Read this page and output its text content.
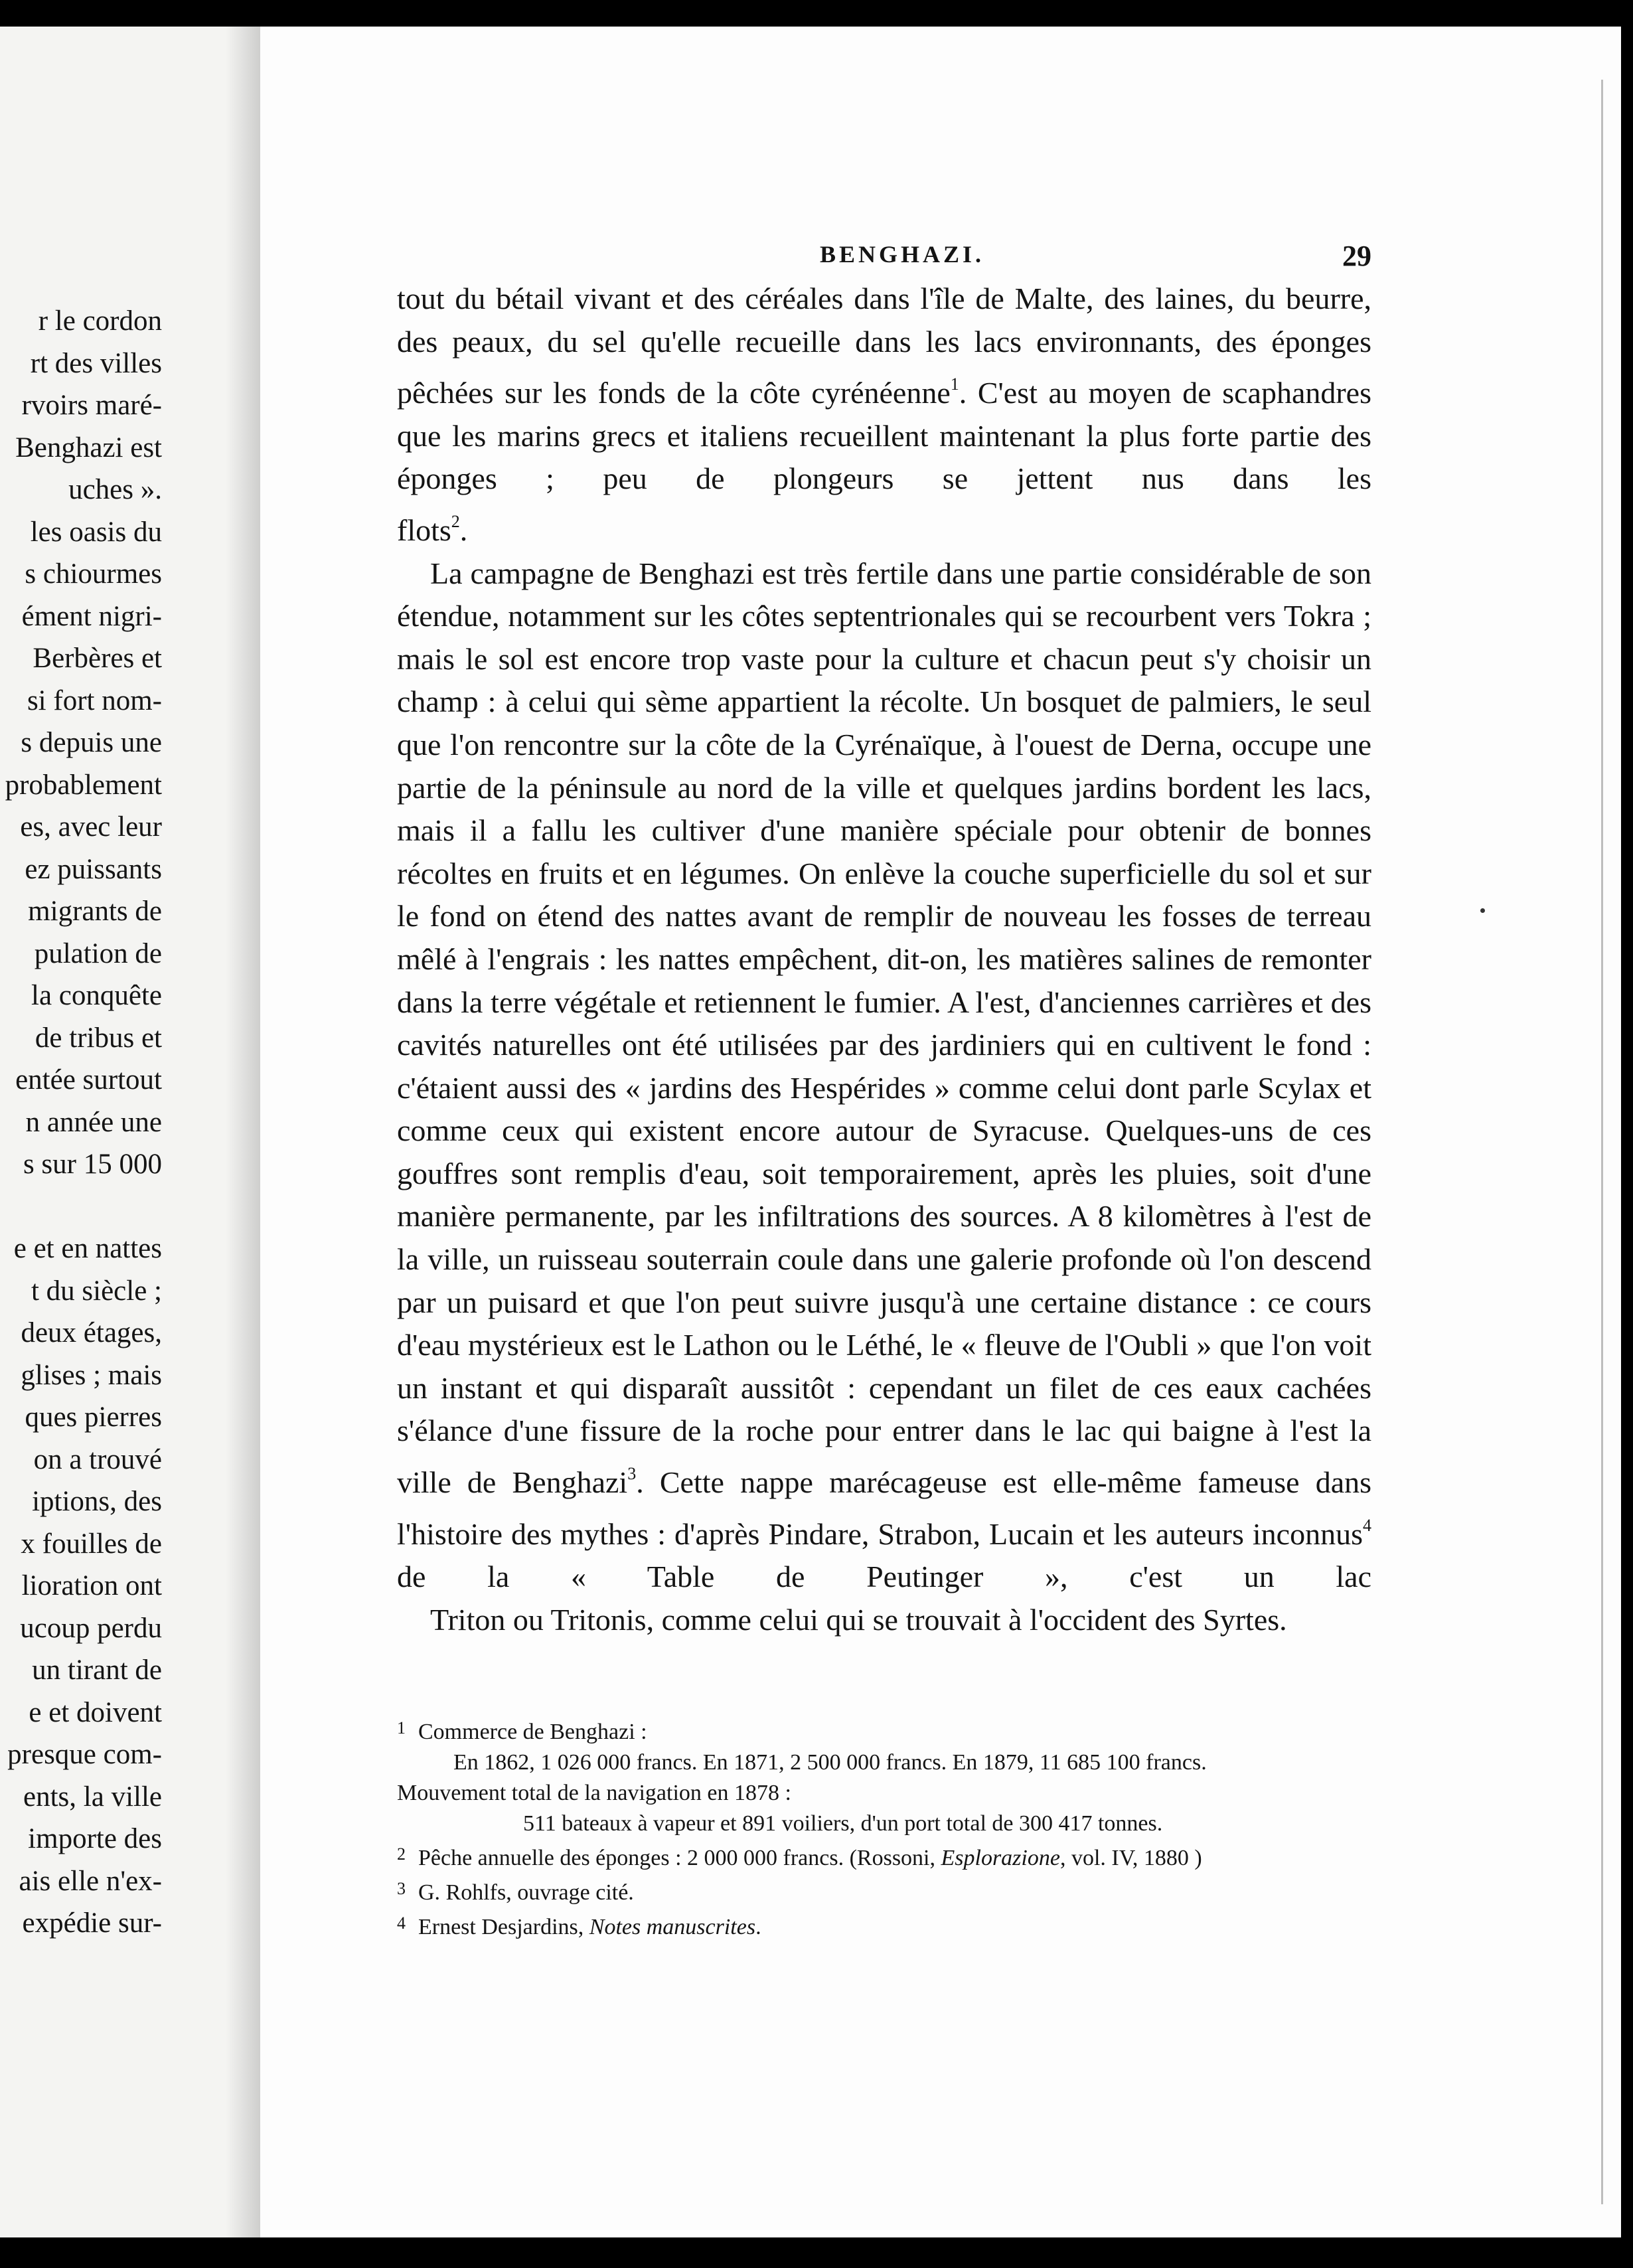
r le cordon
rt des villes
rvoirs maré-
Benghazi est
uches ».
les oasis du
s chiourmes
ément nigri-
Berbères et
si fort nom-
s depuis une
probablement
es, avec leur
ez puissants
migrants de
pulation de
la conquête
de tribus et
entée surtout
n année une
s sur 15 000
e et en nattes
t du siècle ;
deux étages,
glises ; mais
ques pierres
on a trouvé
iptions, des
x fouilles de
lioration ont
ucoup perdu
un tirant de
e et doivent
presque com-
ents, la ville
importe des
ais elle n'ex-
expédie sur-
BENGHAZI.	29

tout du bétail vivant et des céréales dans l'île de Malte, des laines, du beurre, des peaux, du sel qu'elle recueille dans les lacs environnants, des éponges pêchées sur les fonds de la côte cyrénéenne$^1$. C'est au moyen de scaphandres que les marins grecs et italiens recueillent maintenant la plus forte partie des éponges ; peu de plongeurs se jettent nus dans les
flots$^2$.

La campagne de Benghazi est très fertile dans une partie considérable de son étendue, notamment sur les côtes septentrionales qui se recourbent vers Tokra ; mais le sol est encore trop vaste pour la culture et chacun peut s'y choisir un champ : à celui qui sème appartient la récolte. Un bosquet de palmiers, le seul que l'on rencontre sur la côte de la Cyrénaïque, à l'ouest de Derna, occupe une partie de la péninsule au nord de la ville et quelques jardins bordent les lacs, mais il a fallu les cultiver d'une manière spéciale pour obtenir de bonnes récoltes en fruits et en légumes. On enlève la couche superficielle du sol et sur le fond on étend des nattes avant de remplir de nouveau les fosses de terreau mêlé à l'engrais : les nattes empêchent, dit-on, les matières salines de remonter dans la terre végétale et retiennent le fumier. A l'est, d'anciennes carrières et des cavités naturelles ont été utilisées par des jardiniers qui en cultivent le fond : c'étaient aussi des « jardins des Hespérides » comme celui dont parle Scylax et comme ceux qui existent encore autour de Syracuse. Quelques-uns de ces gouffres sont remplis d'eau, soit temporairement, après les pluies, soit d'une manière permanente, par les infiltrations des sources. A 8 kilomètres à l'est de la ville, un ruisseau souterrain coule dans une galerie profonde où l'on descend par un puisard et que l'on peut suivre jusqu'à une certaine distance : ce cours d'eau mystérieux est le Lathon ou le Léthé, le « fleuve de l'Oubli » que l'on voit un instant et qui disparaît aussitôt : cependant un filet de ces eaux cachées s'élance d'une fissure de la roche pour entrer dans le lac qui baigne à l'est la ville de Benghazi$^3$. Cette nappe marécageuse est elle-même fameuse dans l'histoire des mythes : d'après Pindare, Strabon, Lucain et les auteurs inconnus$^4$ de la « Table de Peutinger », c'est un lac
Triton ou Tritonis, comme celui qui se trouvait à l'occident des Syrtes.

1 Commerce de Benghazi :
En 1862, 1 026 000 francs. En 1871, 2 500 000 francs. En 1879, 11 685 100 francs.
Mouvement total de la navigation en 1878 :
511 bateaux à vapeur et 891 voiliers, d'un port total de 300 417 tonnes.
2 Pêche annuelle des éponges : 2 000 000 francs. (Rossoni, Esplorazione, vol. IV, 1880 )
3 G. Rohlfs, ouvrage cité.
4 Ernest Desjardins, Notes manuscrites.
